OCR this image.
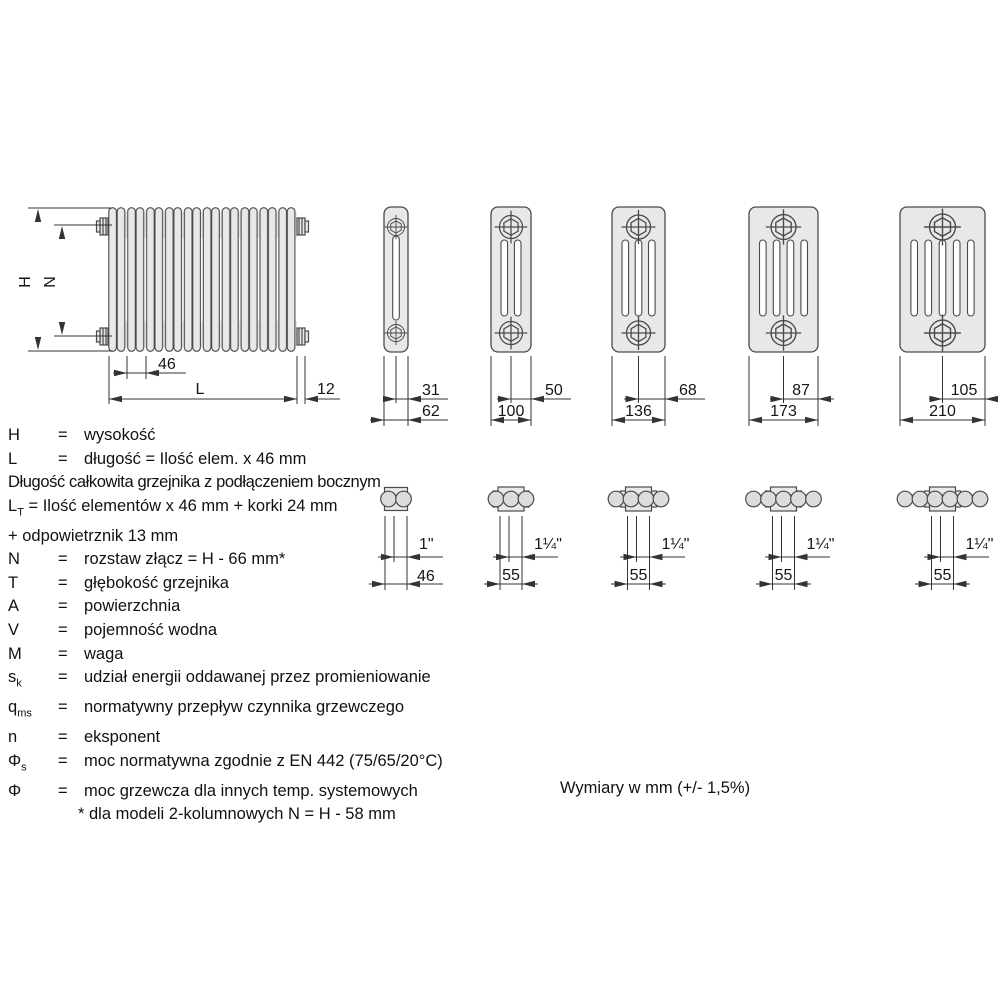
H N
46
L	12	31
62
50
100
68
136
87
173
105
210
1"
46
1¼"
55
1¼"
55
1¼"
55
1¼"
55
H = wysokość
L = długość = Ilość elem. x 46 mm
Długość całkowita grzejnika z podłączeniem bocznym
$L_T$ = Ilość elementów x 46 mm + korki 24 mm
+ odpowietrznik 13 mm
N = rozstaw złącz = H - 66 mm*
T = głębokość grzejnika
A = powierzchnia
V = pojemność wodna
M = waga
$s_k$ = udział energii oddawanej przez promieniowanie
$q_{ms}$ = normatywny przepływ czynnika grzewczego
n = eksponent
$\Phi_s$ = moc normatywna zgodnie z EN 442 (75/65/20°C)
Φ = moc grzewcza dla innych temp. systemowych
* dla modeli 2-kolumnowych N = H - 58 mm
Wymiary w mm (+/- 1,5%)
